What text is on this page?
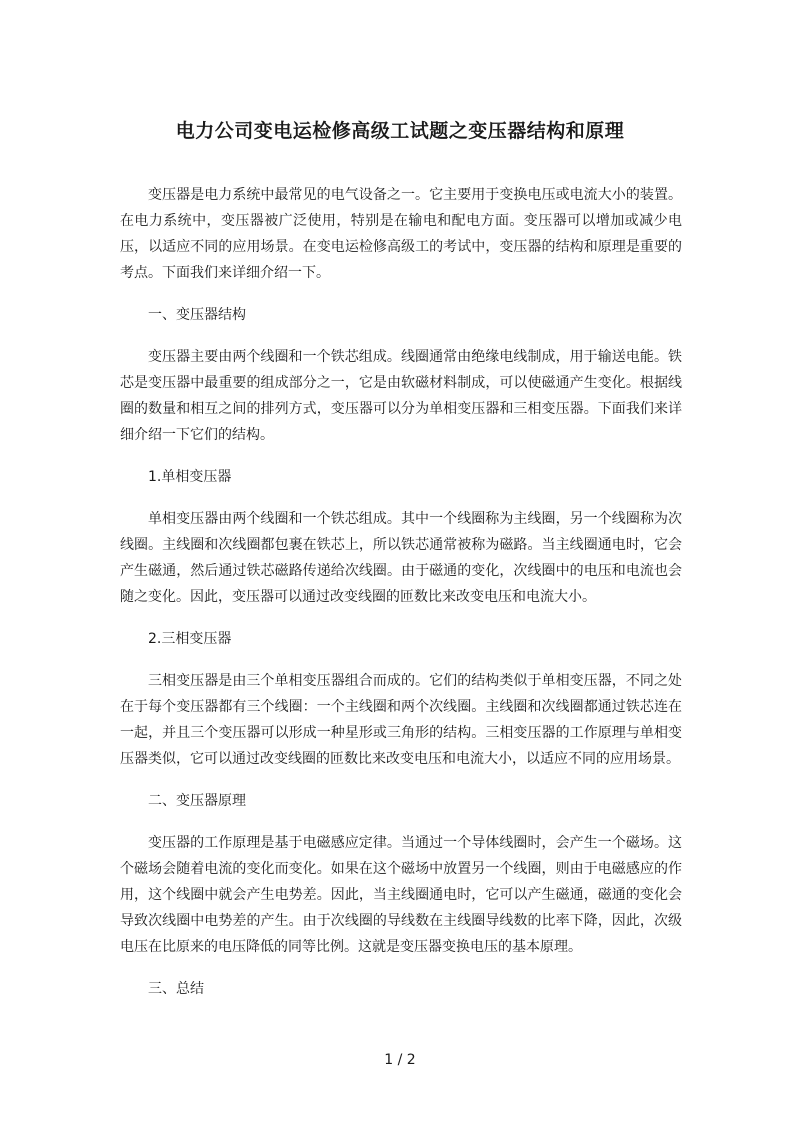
电力公司变电运检修高级工试题之变压器结构和原理

变压器是电力系统中最常见的电气设备之一。它主要用于变换电压或电流大小的装置。在电力系统中，变压器被广泛使用，特别是在输电和配电方面。变压器可以增加或减少电压，以适应不同的应用场景。在变电运检修高级工的考试中，变压器的结构和原理是重要的考点。下面我们来详细介绍一下。

一、变压器结构

变压器主要由两个线圈和一个铁芯组成。线圈通常由绝缘电线制成，用于输送电能。铁芯是变压器中最重要的组成部分之一，它是由软磁材料制成，可以使磁通产生变化。根据线圈的数量和相互之间的排列方式，变压器可以分为单相变压器和三相变压器。下面我们来详细介绍一下它们的结构。

1.单相变压器

单相变压器由两个线圈和一个铁芯组成。其中一个线圈称为主线圈，另一个线圈称为次线圈。主线圈和次线圈都包裹在铁芯上，所以铁芯通常被称为磁路。当主线圈通电时，它会产生磁通，然后通过铁芯磁路传递给次线圈。由于磁通的变化，次线圈中的电压和电流也会随之变化。因此，变压器可以通过改变线圈的匝数比来改变电压和电流大小。

2.三相变压器

三相变压器是由三个单相变压器组合而成的。它们的结构类似于单相变压器，不同之处在于每个变压器都有三个线圈：一个主线圈和两个次线圈。主线圈和次线圈都通过铁芯连在一起，并且三个变压器可以形成一种星形或三角形的结构。三相变压器的工作原理与单相变压器类似，它可以通过改变线圈的匝数比来改变电压和电流大小，以适应不同的应用场景。

二、变压器原理

变压器的工作原理是基于电磁感应定律。当通过一个导体线圈时，会产生一个磁场。这个磁场会随着电流的变化而变化。如果在这个磁场中放置另一个线圈，则由于电磁感应的作用，这个线圈中就会产生电势差。因此，当主线圈通电时，它可以产生磁通，磁通的变化会导致次线圈中电势差的产生。由于次线圈的导线数在主线圈导线数的比率下降，因此，次级电压在比原来的电压降低的同等比例。这就是变压器变换电压的基本原理。

三、总结

1 / 2
